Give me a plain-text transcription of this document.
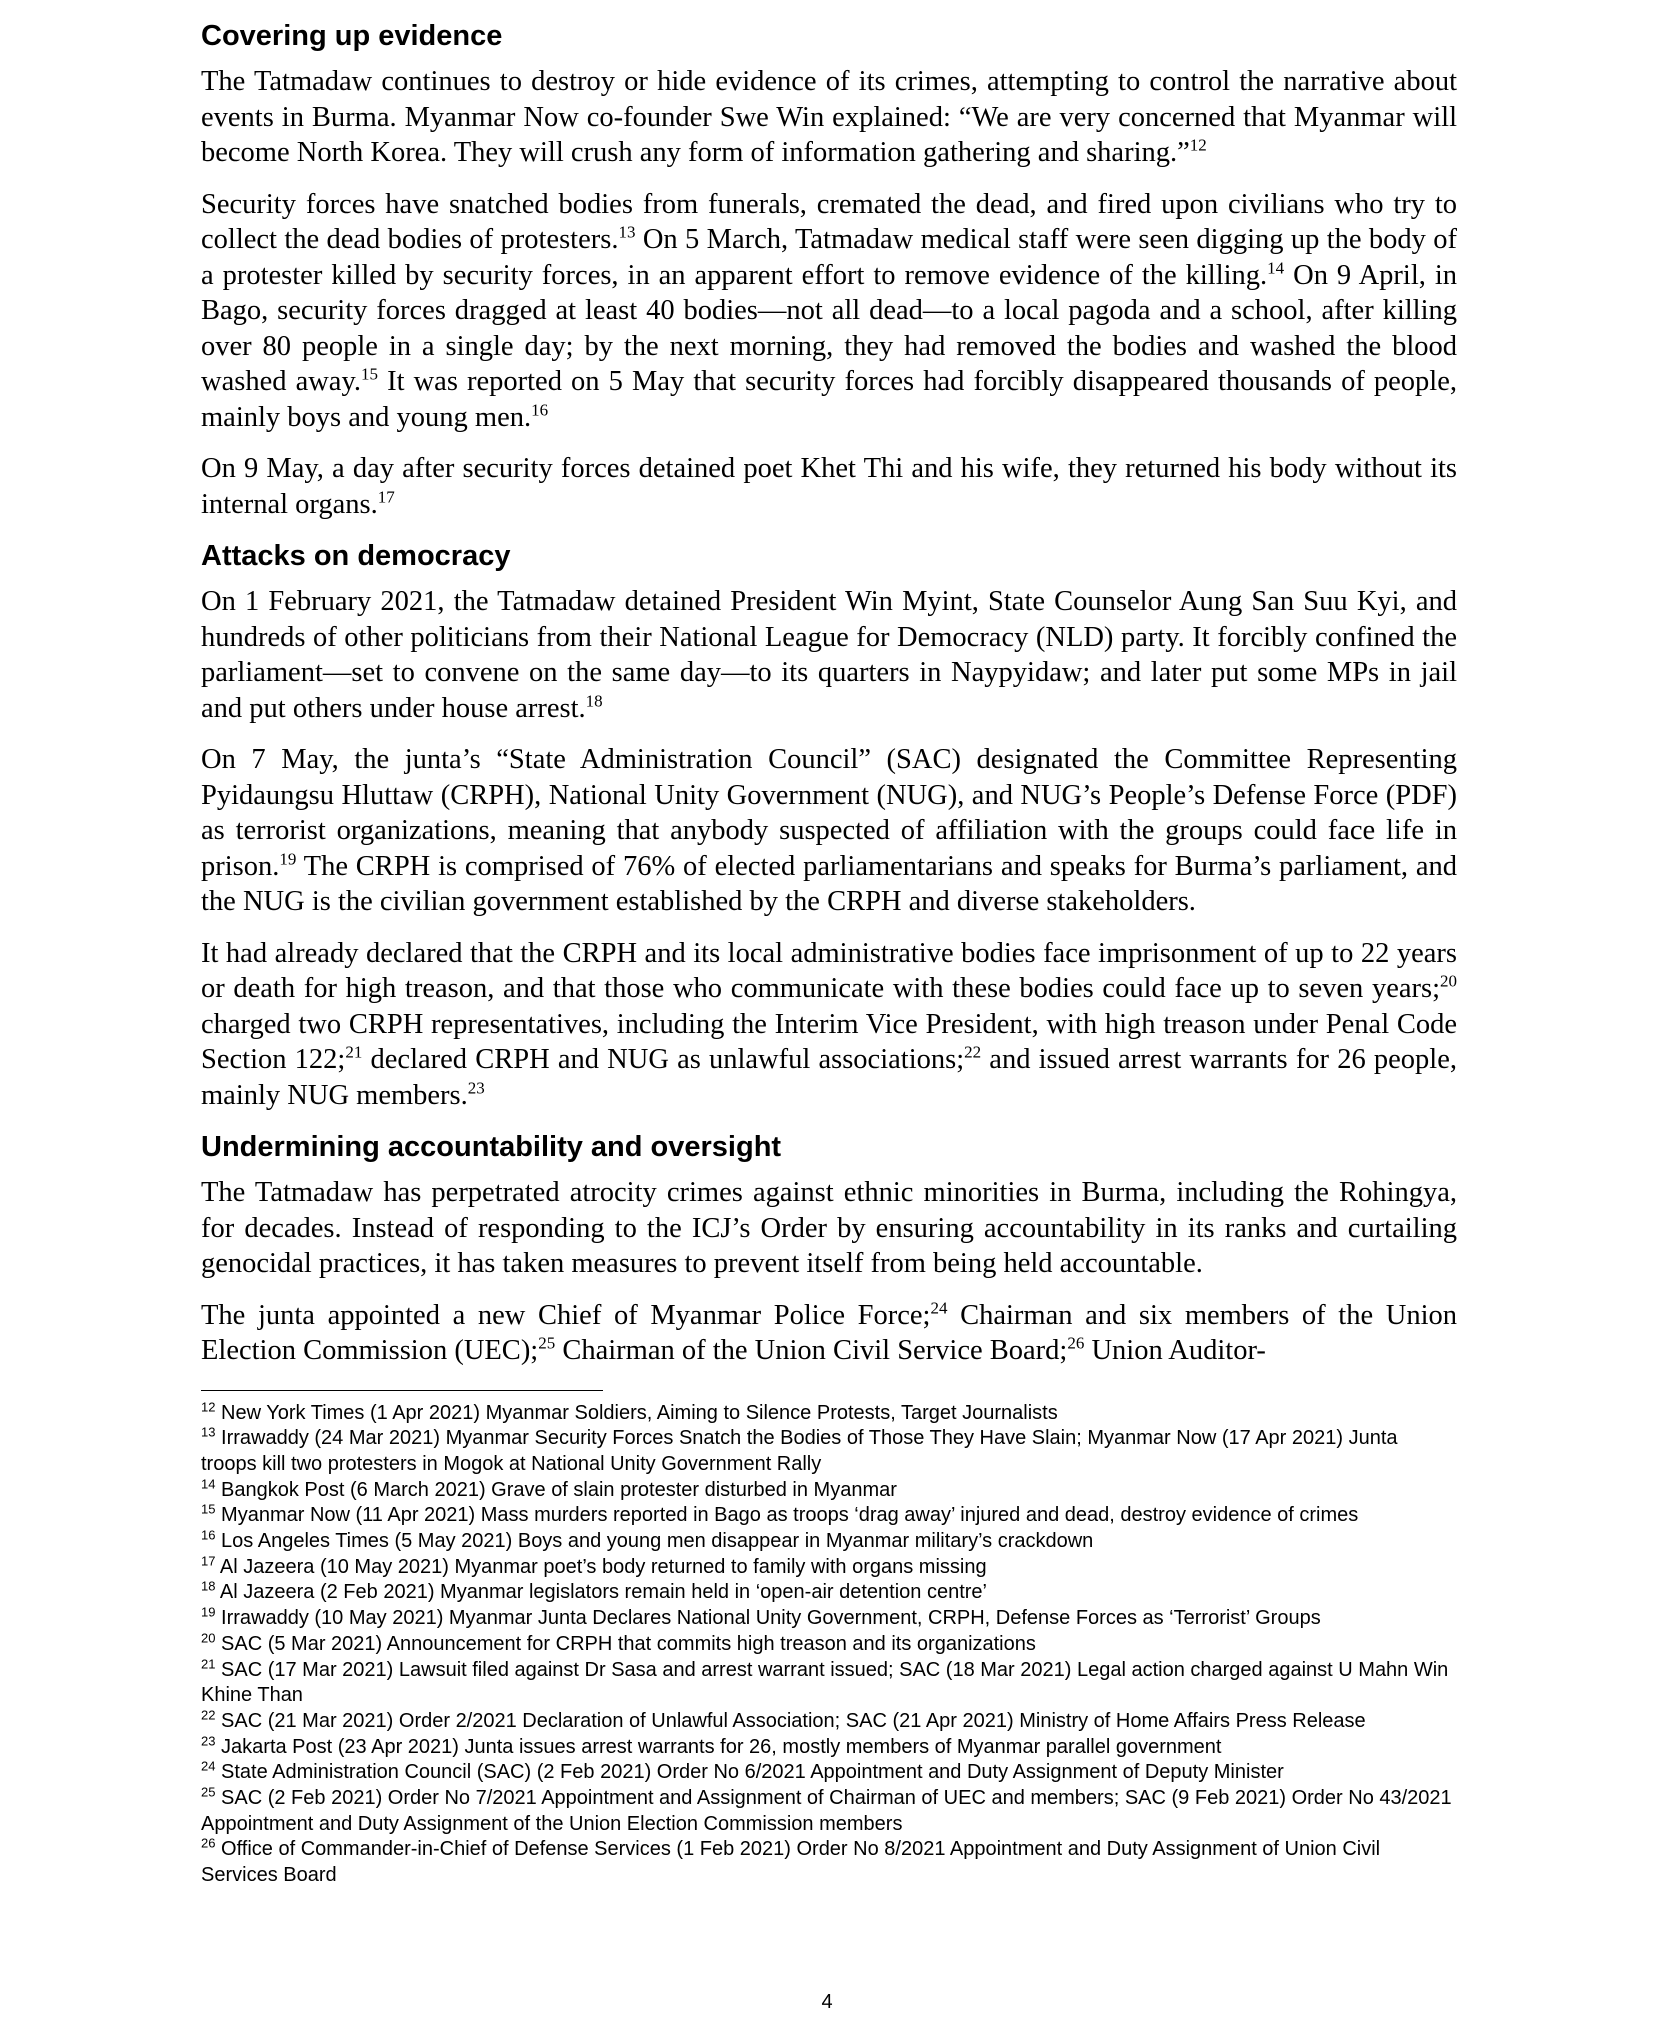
Covering up evidence

The Tatmadaw continues to destroy or hide evidence of its crimes, attempting to control the narrative about events in Burma. Myanmar Now co-founder Swe Win explained: “We are very concerned that Myanmar will become North Korea. They will crush any form of information gathering and sharing.”$^{12}$

Security forces have snatched bodies from funerals, cremated the dead, and fired upon civilians who try to collect the dead bodies of protesters.$^{13}$ On 5 March, Tatmadaw medical staff were seen digging up the body of a protester killed by security forces, in an apparent effort to remove evidence of the killing.$^{14}$ On 9 April, in Bago, security forces dragged at least 40 bodies—not all dead—to a local pagoda and a school, after killing over 80 people in a single day; by the next morning, they had removed the bodies and washed the blood washed away.$^{15}$ It was reported on 5 May that security forces had forcibly disappeared thousands of people, mainly boys and young men.$^{16}$

On 9 May, a day after security forces detained poet Khet Thi and his wife, they returned his body without its internal organs.$^{17}$

Attacks on democracy

On 1 February 2021, the Tatmadaw detained President Win Myint, State Counselor Aung San Suu Kyi, and hundreds of other politicians from their National League for Democracy (NLD) party. It forcibly confined the parliament—set to convene on the same day—to its quarters in Naypyidaw; and later put some MPs in jail and put others under house arrest.$^{18}$

On 7 May, the junta’s “State Administration Council” (SAC) designated the Committee Representing Pyidaungsu Hluttaw (CRPH), National Unity Government (NUG), and NUG’s People’s Defense Force (PDF) as terrorist organizations, meaning that anybody suspected of affiliation with the groups could face life in prison.$^{19}$ The CRPH is comprised of 76% of elected parliamentarians and speaks for Burma’s parliament, and the NUG is the civilian government established by the CRPH and diverse stakeholders.

It had already declared that the CRPH and its local administrative bodies face imprisonment of up to 22 years or death for high treason, and that those who communicate with these bodies could face up to seven years;$^{20}$ charged two CRPH representatives, including the Interim Vice President, with high treason under Penal Code Section 122;$^{21}$ declared CRPH and NUG as unlawful associations;$^{22}$ and issued arrest warrants for 26 people, mainly NUG members.$^{23}$

Undermining accountability and oversight

The Tatmadaw has perpetrated atrocity crimes against ethnic minorities in Burma, including the Rohingya, for decades. Instead of responding to the ICJ’s Order by ensuring accountability in its ranks and curtailing genocidal practices, it has taken measures to prevent itself from being held accountable.

The junta appointed a new Chief of Myanmar Police Force;$^{24}$ Chairman and six members of the Union Election Commission (UEC);$^{25}$ Chairman of the Union Civil Service Board;$^{26}$ Union Auditor-

$^{12}$ New York Times (1 Apr 2021) Myanmar Soldiers, Aiming to Silence Protests, Target Journalists

$^{13}$ Irrawaddy (24 Mar 2021) Myanmar Security Forces Snatch the Bodies of Those They Have Slain; Myanmar Now (17 Apr 2021) Junta troops kill two protesters in Mogok at National Unity Government Rally

$^{14}$ Bangkok Post (6 March 2021) Grave of slain protester disturbed in Myanmar

$^{15}$ Myanmar Now (11 Apr 2021) Mass murders reported in Bago as troops ‘drag away’ injured and dead, destroy evidence of crimes

$^{16}$ Los Angeles Times (5 May 2021) Boys and young men disappear in Myanmar military’s crackdown

$^{17}$ Al Jazeera (10 May 2021) Myanmar poet’s body returned to family with organs missing

$^{18}$ Al Jazeera (2 Feb 2021) Myanmar legislators remain held in ‘open-air detention centre’

$^{19}$ Irrawaddy (10 May 2021) Myanmar Junta Declares National Unity Government, CRPH, Defense Forces as ‘Terrorist’ Groups

$^{20}$ SAC (5 Mar 2021) Announcement for CRPH that commits high treason and its organizations

$^{21}$ SAC (17 Mar 2021) Lawsuit filed against Dr Sasa and arrest warrant issued; SAC (18 Mar 2021) Legal action charged against U Mahn Win Khine Than

$^{22}$ SAC (21 Mar 2021) Order 2/2021 Declaration of Unlawful Association; SAC (21 Apr 2021) Ministry of Home Affairs Press Release

$^{23}$ Jakarta Post (23 Apr 2021) Junta issues arrest warrants for 26, mostly members of Myanmar parallel government

$^{24}$ State Administration Council (SAC) (2 Feb 2021) Order No 6/2021 Appointment and Duty Assignment of Deputy Minister

$^{25}$ SAC (2 Feb 2021) Order No 7/2021 Appointment and Assignment of Chairman of UEC and members; SAC (9 Feb 2021) Order No 43/2021 Appointment and Duty Assignment of the Union Election Commission members

$^{26}$ Office of Commander-in-Chief of Defense Services (1 Feb 2021) Order No 8/2021 Appointment and Duty Assignment of Union Civil Services Board

4
